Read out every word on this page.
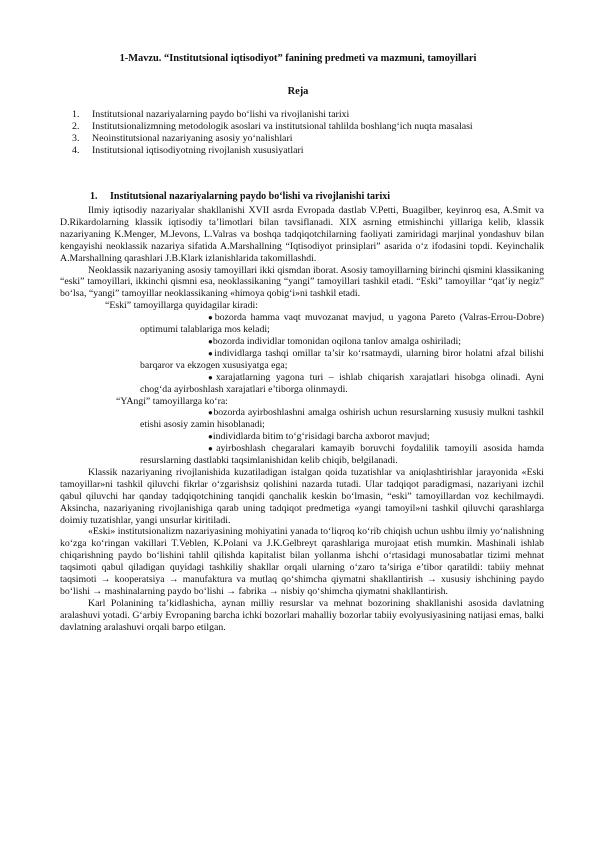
1-Mavzu. “Institutsional iqtisodiyot” fanining predmeti va mazmuni, tamoyillari
Reja
1. Institutsional nazariyalarning paydo bo‘lishi va rivojlanishi tarixi
2. Institutsionalizmning metodologik asoslari va institutsional tahlilda boshlang‘ich nuqta masalasi
3. Neoinstitutsional nazariyaning asosiy yo‘nalishlari
4. Institutsional iqtisodiyotning rivojlanish xususiyatlari
1. Institutsional nazariyalarning paydo bo‘lishi va rivojlanishi tarixi

Ilmiy iqtisodiy nazariyalar shakllanishi XVII asrda Evropada dastlab V.Petti, Buagilber, keyinroq esa, A.Smit va D.Rikardolarning klassik iqtisodiy ta’limotlari bilan tavsiflanadi. XIX asrning etmishinchi yillariga kelib, klassik nazariyaning K.Menger, M.Jevons, L.Valras va boshqa tadqiqotchilarning faoliyati zamiridagi marjinal yondashuv bilan kengayishi neoklassik nazariya sifatida A.Marshallning “Iqtisodiyot prinsiplari” asarida o‘z ifodasini topdi. Keyinchalik A.Marshallning qarashlari J.B.Klark izlanishlarida takomillashdi.

Neoklassik nazariyaning asosiy tamoyillari ikki qismdan iborat. Asosiy tamoyillarning birinchi qismini klassikaning “eski” tamoyillari, ikkinchi qismni esa, neoklassikaning “yangi” tamoyillari tashkil etadi. “Eski” tamoyillar “qat’iy negiz” bo‘lsa, “yangi” tamoyillar neoklassikaning «himoya qobig‘i»ni tashkil etadi.

“Eski” tamoyillarga quyidagilar kiradi:

●bozorda hamma vaqt muvozanat mavjud, u yagona Pareto (Valras-Errou-Dobre) optimumi talablariga mos keladi;

●bozorda individlar tomonidan oqilona tanlov amalga oshiriladi;

●individlarga tashqi omillar ta’sir ko‘rsatmaydi, ularning biror holatni afzal bilishi barqaror va ekzogen xususiyatga ega;

●xarajatlarning yagona turi – ishlab chiqarish xarajatlari hisobga olinadi. Ayni chog‘da ayirboshlash xarajatlari e’tiborga olinmaydi.

“YAngi” tamoyillarga ko‘ra:

●bozorda ayirboshlashni amalga oshirish uchun resurslarning xususiy mulkni tashkil etishi asosiy zamin hisoblanadi;

●individlarda bitim to‘g‘risidagi barcha axborot mavjud;

●ayirboshlash chegaralari kamayib boruvchi foydalilik tamoyili asosida hamda resurslarning dastlabki taqsimlanishidan kelib chiqib, belgilanadi.

Klassik nazariyaning rivojlanishida kuzatiladigan istalgan qoida tuzatishlar va aniqlashtirishlar jarayonida «Eski tamoyillar»ni tashkil qiluvchi fikrlar o‘zgarishsiz qolishini nazarda tutadi. Ular tadqiqot paradigmasi, nazariyani izchil qabul qiluvchi har qanday tadqiqotchining tanqidi qanchalik keskin bo‘lmasin, “eski” tamoyillardan voz kechilmaydi. Aksincha, nazariyaning rivojlanishiga qarab uning tadqiqot predmetiga «yangi tamoyil»ni tashkil qiluvchi qarashlarga doimiy tuzatishlar, yangi unsurlar kiritiladi.

«Eski» institutsionalizm nazariyasining mohiyatini yanada to‘liqroq ko‘rib chiqish uchun ushbu ilmiy yo‘nalishning ko‘zga ko‘ringan vakillari T.Veblen, K.Polani va J.K.Gelbreyt qarashlariga murojaat etish mumkin. Mashinali ishlab chiqarishning paydo bo‘lishini tahlil qilishda kapitalist bilan yollanma ishchi o‘rtasidagi munosabatlar tizimi mehnat taqsimoti qabul qiladigan quyidagi tashkiliy shakllar orqali ularning o‘zaro ta’siriga e’tibor qaratildi: tabiiy mehnat taqsimoti → kooperatsiya → manufaktura va mutlaq qo‘shimcha qiymatni shakllantirish → xususiy ishchining paydo bo‘lishi → mashinalarning paydo bo‘lishi → fabrika → nisbiy qo‘shimcha qiymatni shakllantirish.

Karl Polanining ta’kidlashicha, aynan milliy resurslar va mehnat bozorining shakllanishi asosida davlatning aralashuvi yotadi. G‘arbiy Evropaning barcha ichki bozorlari mahalliy bozorlar tabiiy evolyusiyasining natijasi emas, balki davlatning aralashuvi orqali barpo etilgan.
